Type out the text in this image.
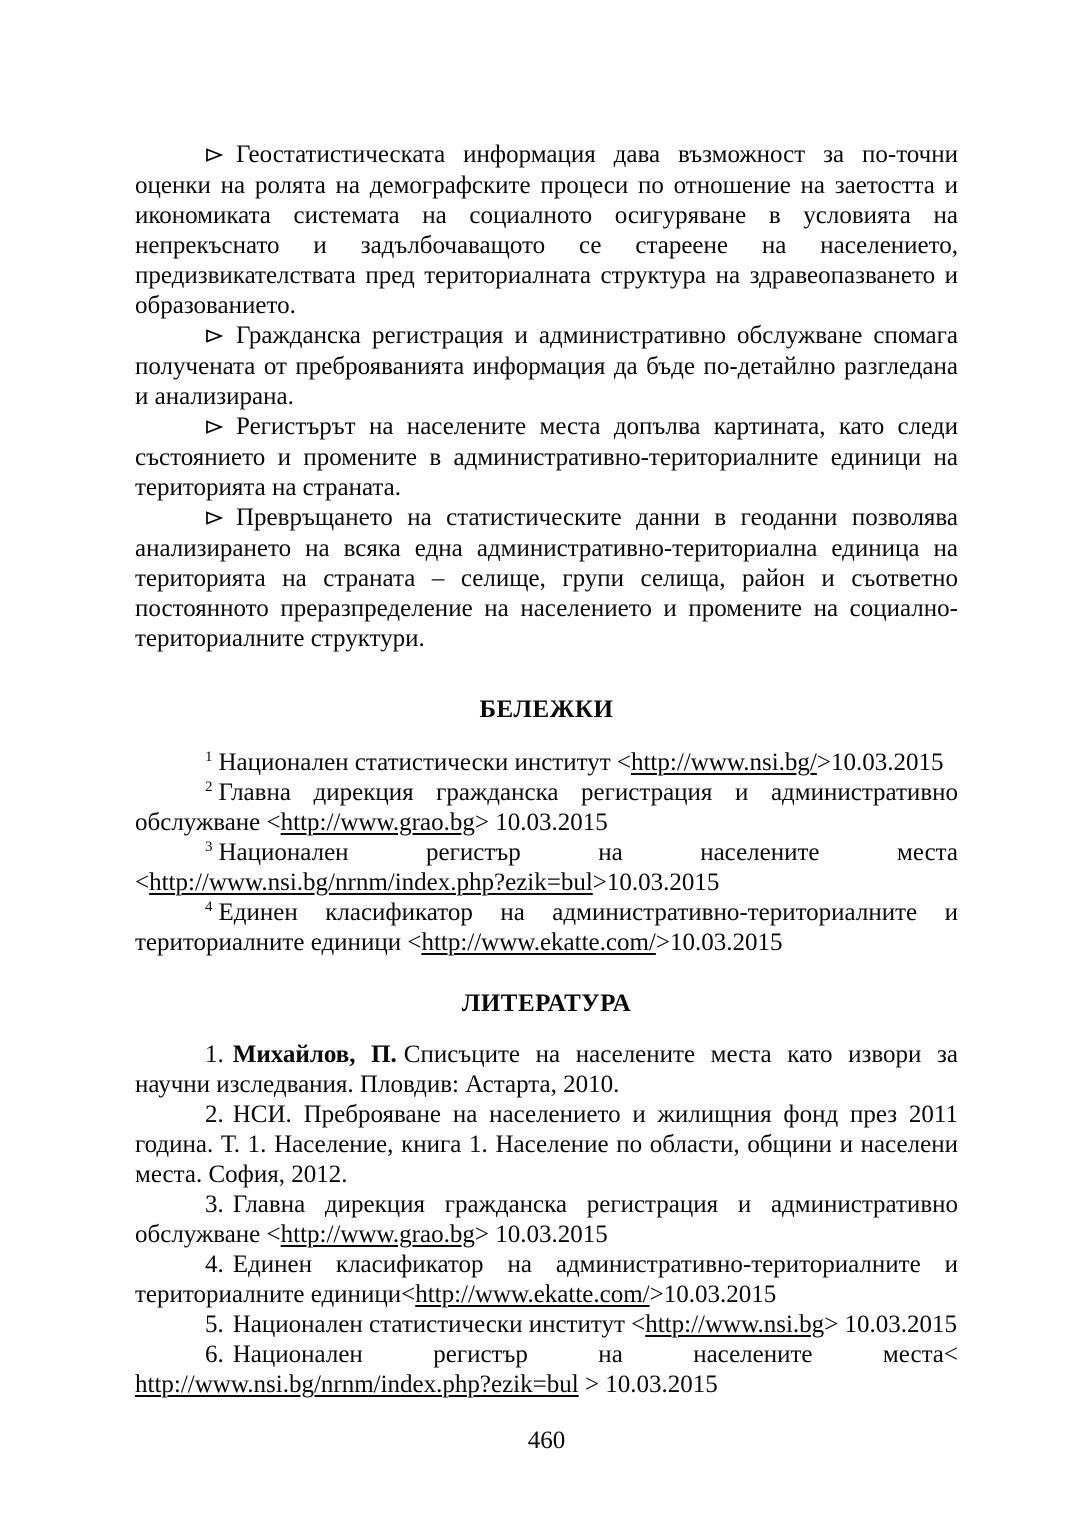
Геостатистическата информация дава възможност за по-точни оценки на ролята на демографските процеси по отношение на заетостта и икономиката системата на социалното осигуряване в условията на непрекъснато и задълбочаващото се стареене на населението, предизвикателствата пред териториалната структура на здравеопазването и образованието.

Гражданска регистрация и административно обслужване спомага получената от преброяванията информация да бъде по-детайлно разгледана и анализирана.

Регистърът на населените места допълва картината, като следи състоянието и промените в административно-териториалните единици на територията на страната.

Превръщането на статистическите данни в геоданни позволява анализирането на всяка една административно-териториална единица на територията на страната – селище, групи селища, район и съответно постоянното преразпределение на населението и промените на социално-териториалните структури.

БЕЛЕЖКИ

$^1$ Национален статистически институт <http://www.nsi.bg/>10.03.2015

$^2$ Главна дирекция гражданска регистрация и административно обслужване <http://www.grao.bg> 10.03.2015

$^3$ Национален регистър на населените места <http://www.nsi.bg/nrnm/index.php?ezik=bul>10.03.2015

$^4$ Единен класификатор на административно-териториалните и териториалните единици <http://www.ekatte.com/>10.03.2015

ЛИТЕРАТУРА

1. Михайлов, П. Списъците на населените места като извори за научни изследвания. Пловдив: Астарта, 2010.

2. НСИ. Преброяване на населението и жилищния фонд през 2011 година. Т. 1. Население, книга 1. Население по области, общини и населени места. София, 2012.

3. Главна дирекция гражданска регистрация и административно обслужване <http://www.grao.bg> 10.03.2015

4. Единен класификатор на административно-териториалните и териториалните единици<http://www.ekatte.com/>10.03.2015

5. Национален статистически институт <http://www.nsi.bg> 10.03.2015

6. Национален регистър на населените места< http://www.nsi.bg/nrnm/index.php?ezik=bul > 10.03.2015

460
